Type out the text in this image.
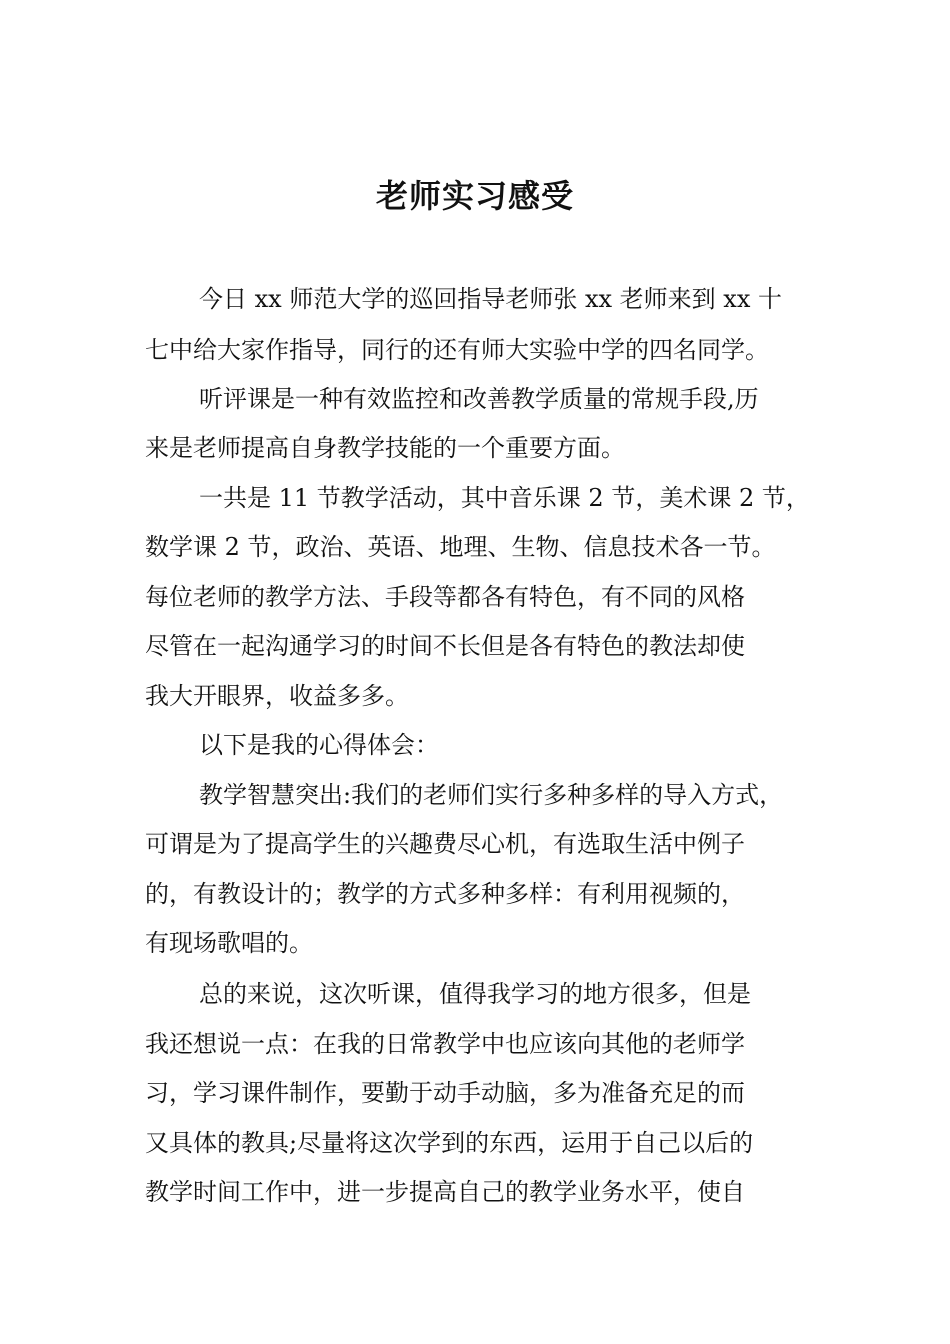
老师实习感受
今日 xx 师范大学的巡回指导老师张 xx 老师来到 xx 十
七中给大家作指导，同行的还有师大实验中学的四名同学。
听评课是一种有效监控和改善教学质量的常规手段,历
来是老师提高自身教学技能的一个重要方面。
一共是 11 节教学活动，其中音乐课 2 节，美术课 2 节，
数学课 2 节，政治、英语、地理、生物、信息技术各一节。
每位老师的教学方法、手段等都各有特色，有不同的风格
尽管在一起沟通学习的时间不长但是各有特色的教法却使
我大开眼界，收益多多。
以下是我的心得体会：
教学智慧突出:我们的老师们实行多种多样的导入方式，
可谓是为了提高学生的兴趣费尽心机，有选取生活中例子
的，有教设计的；教学的方式多种多样：有利用视频的，
有现场歌唱的。
总的来说，这次听课，值得我学习的地方很多，但是
我还想说一点：在我的日常教学中也应该向其他的老师学
习，学习课件制作，要勤于动手动脑，多为准备充足的而
又具体的教具;尽量将这次学到的东西，运用于自己以后的
教学时间工作中，进一步提高自己的教学业务水平，使自
